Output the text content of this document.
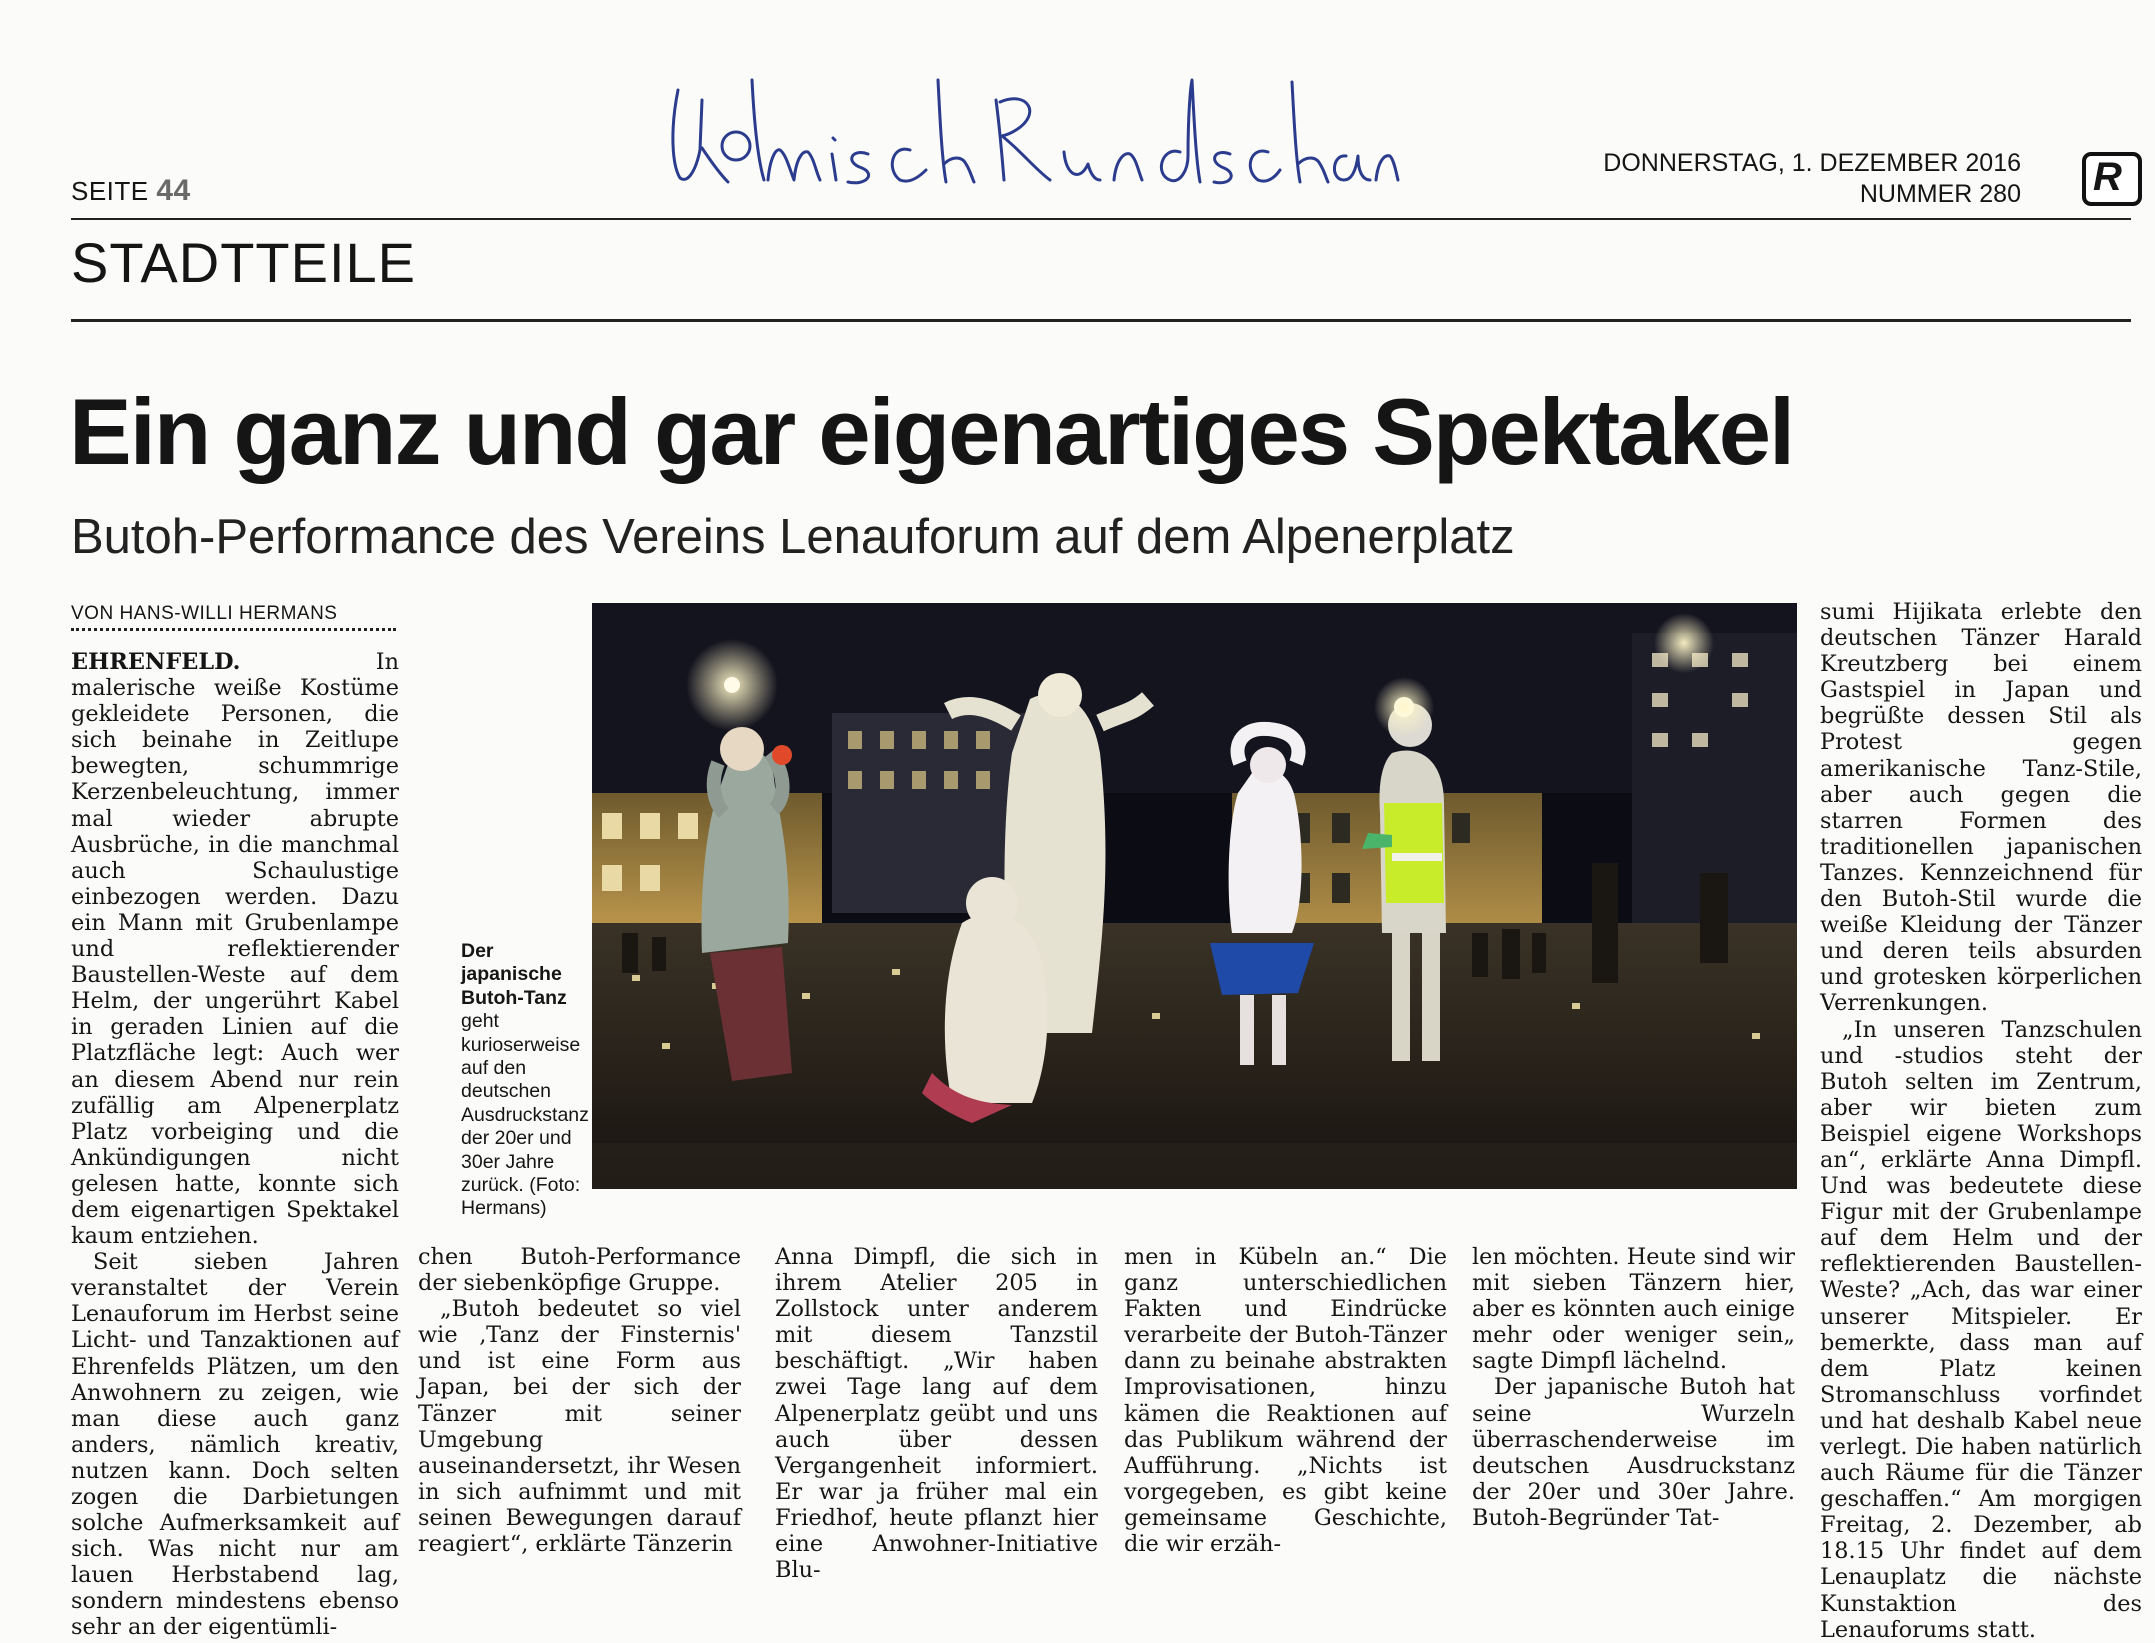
SEITE 44
DONNERSTAG, 1. DEZEMBER 2016
NUMMER 280 R
STADTTEILE
Ein ganz und gar eigenartiges Spektakel
Butoh-Performance des Vereins Lenauforum auf dem Alpenerplatz
VON HANS-WILLI HERMANS

EHRENFELD.	In malerische weiße Kostüme gekleidete Personen, die sich beinahe in Zeitlupe bewegten, schummrige Kerzenbeleuchtung, immer mal wieder abrupte Ausbrüche, in die manchmal auch Schaulustige einbezogen werden. Dazu ein Mann mit Grubenlampe und reflektierender Baustellen-Weste auf dem Helm, der ungerührt Kabel in geraden Linien auf die Platzfläche legt: Auch wer an diesem Abend nur rein zufällig am Alpenerplatz Platz vorbeiging und die Ankündigungen nicht gelesen hatte, konnte sich dem eigenartigen Spektakel kaum entziehen.

Seit sieben Jahren veranstaltet der Verein Lenauforum im Herbst seine Licht- und Tanzaktionen auf Ehrenfelds Plätzen, um den Anwohnern zu zeigen, wie man diese auch ganz anders, nämlich kreativ, nutzen kann. Doch selten zogen die Darbietungen solche Aufmerksamkeit auf sich. Was nicht nur am lauen Herbstabend lag, sondern mindestens ebenso sehr an der eigentümli-

Der japanische Butoh-Tanz
geht kurioserweise auf den deutschen Ausdruckstanz der 20er und 30er Jahre zurück. (Foto: Hermans)

sumi Hijikata erlebte den deutschen Tänzer Harald Kreutzberg bei einem Gastspiel in Japan und begrüßte dessen Stil als Protest gegen amerikanische Tanz-Stile, aber auch gegen die starren Formen des traditionellen japanischen Tanzes. Kennzeichnend für den Butoh-Stil wurde die weiße Kleidung der Tänzer und deren teils absurden und grotesken körperlichen Verrenkungen.

„In unseren Tanzschulen und -studios steht der Butoh selten im Zentrum, aber wir bieten zum Beispiel eigene Workshops an“, erklärte Anna Dimpfl. Und was bedeutete diese Figur mit der Grubenlampe auf dem Helm und der reflektierenden Baustellen-Weste? „Ach, das war einer unserer Mitspieler. Er bemerkte, dass man auf dem Platz keinen Stromanschluss vorfindet und hat deshalb Kabel neue verlegt. Die haben natürlich auch Räume für die Tänzer geschaffen.“ Am morgigen Freitag, 2. Dezember, ab 18.15 Uhr findet auf dem Lenauplatz die nächste Kunstaktion des Lenauforums statt.

chen Butoh-Performance der siebenköpfige Gruppe.

„Butoh bedeutet so viel wie ‚Tanz der Finsternis' und ist eine Form aus Japan, bei der sich der Tänzer mit seiner Umgebung auseinandersetzt, ihr Wesen in sich aufnimmt und mit seinen Bewegungen darauf reagiert“, erklärte Tänzerin

Anna Dimpfl, die sich in ihrem Atelier 205 in Zollstock unter anderem mit diesem Tanzstil beschäftigt. „Wir haben zwei Tage lang auf dem Alpenerplatz geübt und uns auch über dessen Vergangenheit informiert. Er war ja früher mal ein Friedhof, heute pflanzt hier eine Anwohner-Initiative Blu-

men in Kübeln an.“ Die ganz unterschiedlichen Fakten und Eindrücke verarbeite der Butoh-Tänzer dann zu beinahe abstrakten Improvisationen, hinzu kämen die Reaktionen auf das Publikum während der Aufführung. „Nichts ist vorgegeben, es gibt keine gemeinsame Geschichte, die wir erzäh-

len möchten. Heute sind wir mit sieben Tänzern hier, aber es könnten auch einige mehr oder weniger sein„ sagte Dimpfl lächelnd.

Der japanische Butoh hat seine Wurzeln überraschenderweise im deutschen Ausdruckstanz der 20er und 30er Jahre. Butoh-Begründer Tat-
